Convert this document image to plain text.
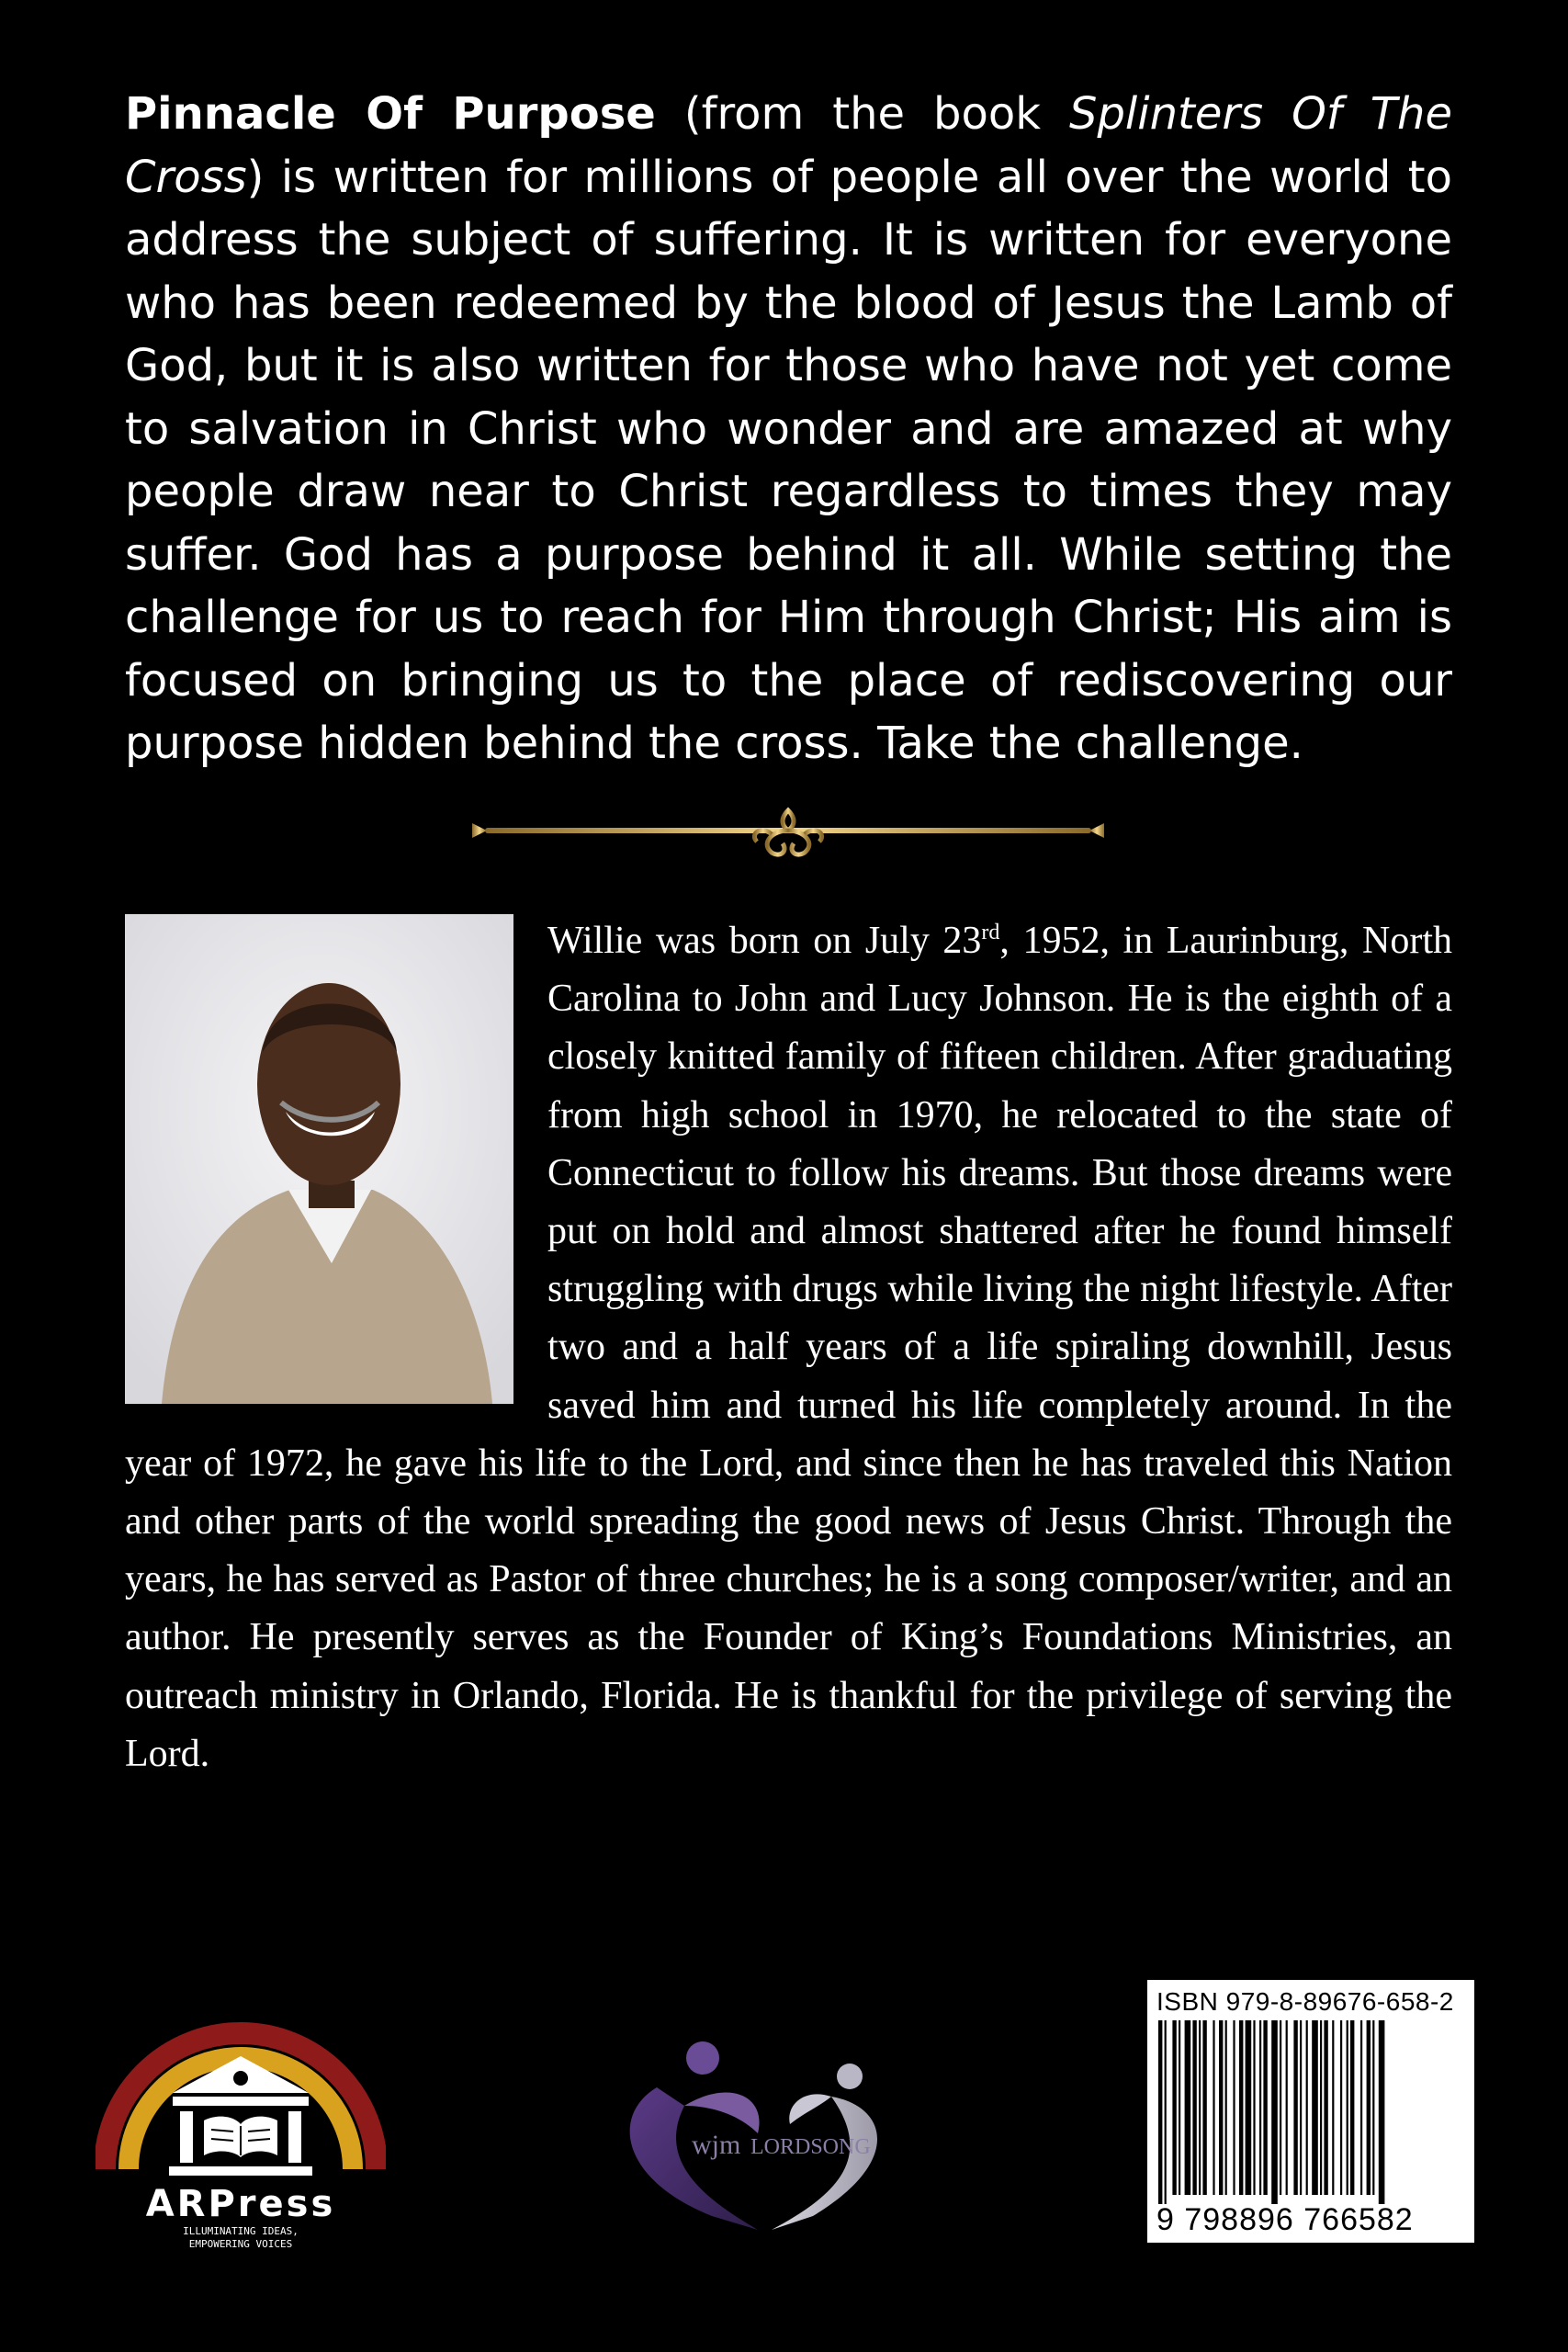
Pinnacle Of Purpose (from the book Splinters Of The Cross) is written for millions of people all over the world to address the subject of suffering. It is written for everyone who has been redeemed by the blood of Jesus the Lamb of God, but it is also written for those who have not yet come to salvation in Christ who wonder and are amazed at why people draw near to Christ regardless to times they may suffer. God has a purpose behind it all. While setting the challenge for us to reach for Him through Christ; His aim is focused on bringing us to the place of rediscovering our purpose hidden behind the cross. Take the challenge.

Willie was born on July 23rd, 1952, in Laurinburg, North Carolina to John and Lucy Johnson. He is the eighth of a closely knitted family of fifteen children. After graduating from high school in 1970, he relocated to the state of Connecticut to follow his dreams. But those dreams were put on hold and almost shattered after he found himself struggling with drugs while living the night lifestyle. After two and a half years of a life spiraling downhill, Jesus saved him and turned his life completely around. In the year of 1972, he gave his life to the Lord, and since then he has traveled this Nation and other parts of the world spreading the good news of Jesus Christ. Through the years, he has served as Pastor of three churches; he is a song composer/writer, and an author. He presently serves as the Founder of King’s Foundations Ministries, an outreach ministry in Orlando, Florida. He is thankful for the privilege of serving the Lord.

ARPress
ILLUMINATING IDEAS,
EMPOWERING VOICES
wjm LORDSONG
ISBN 979-8-89676-658-2
9 798896 766582
